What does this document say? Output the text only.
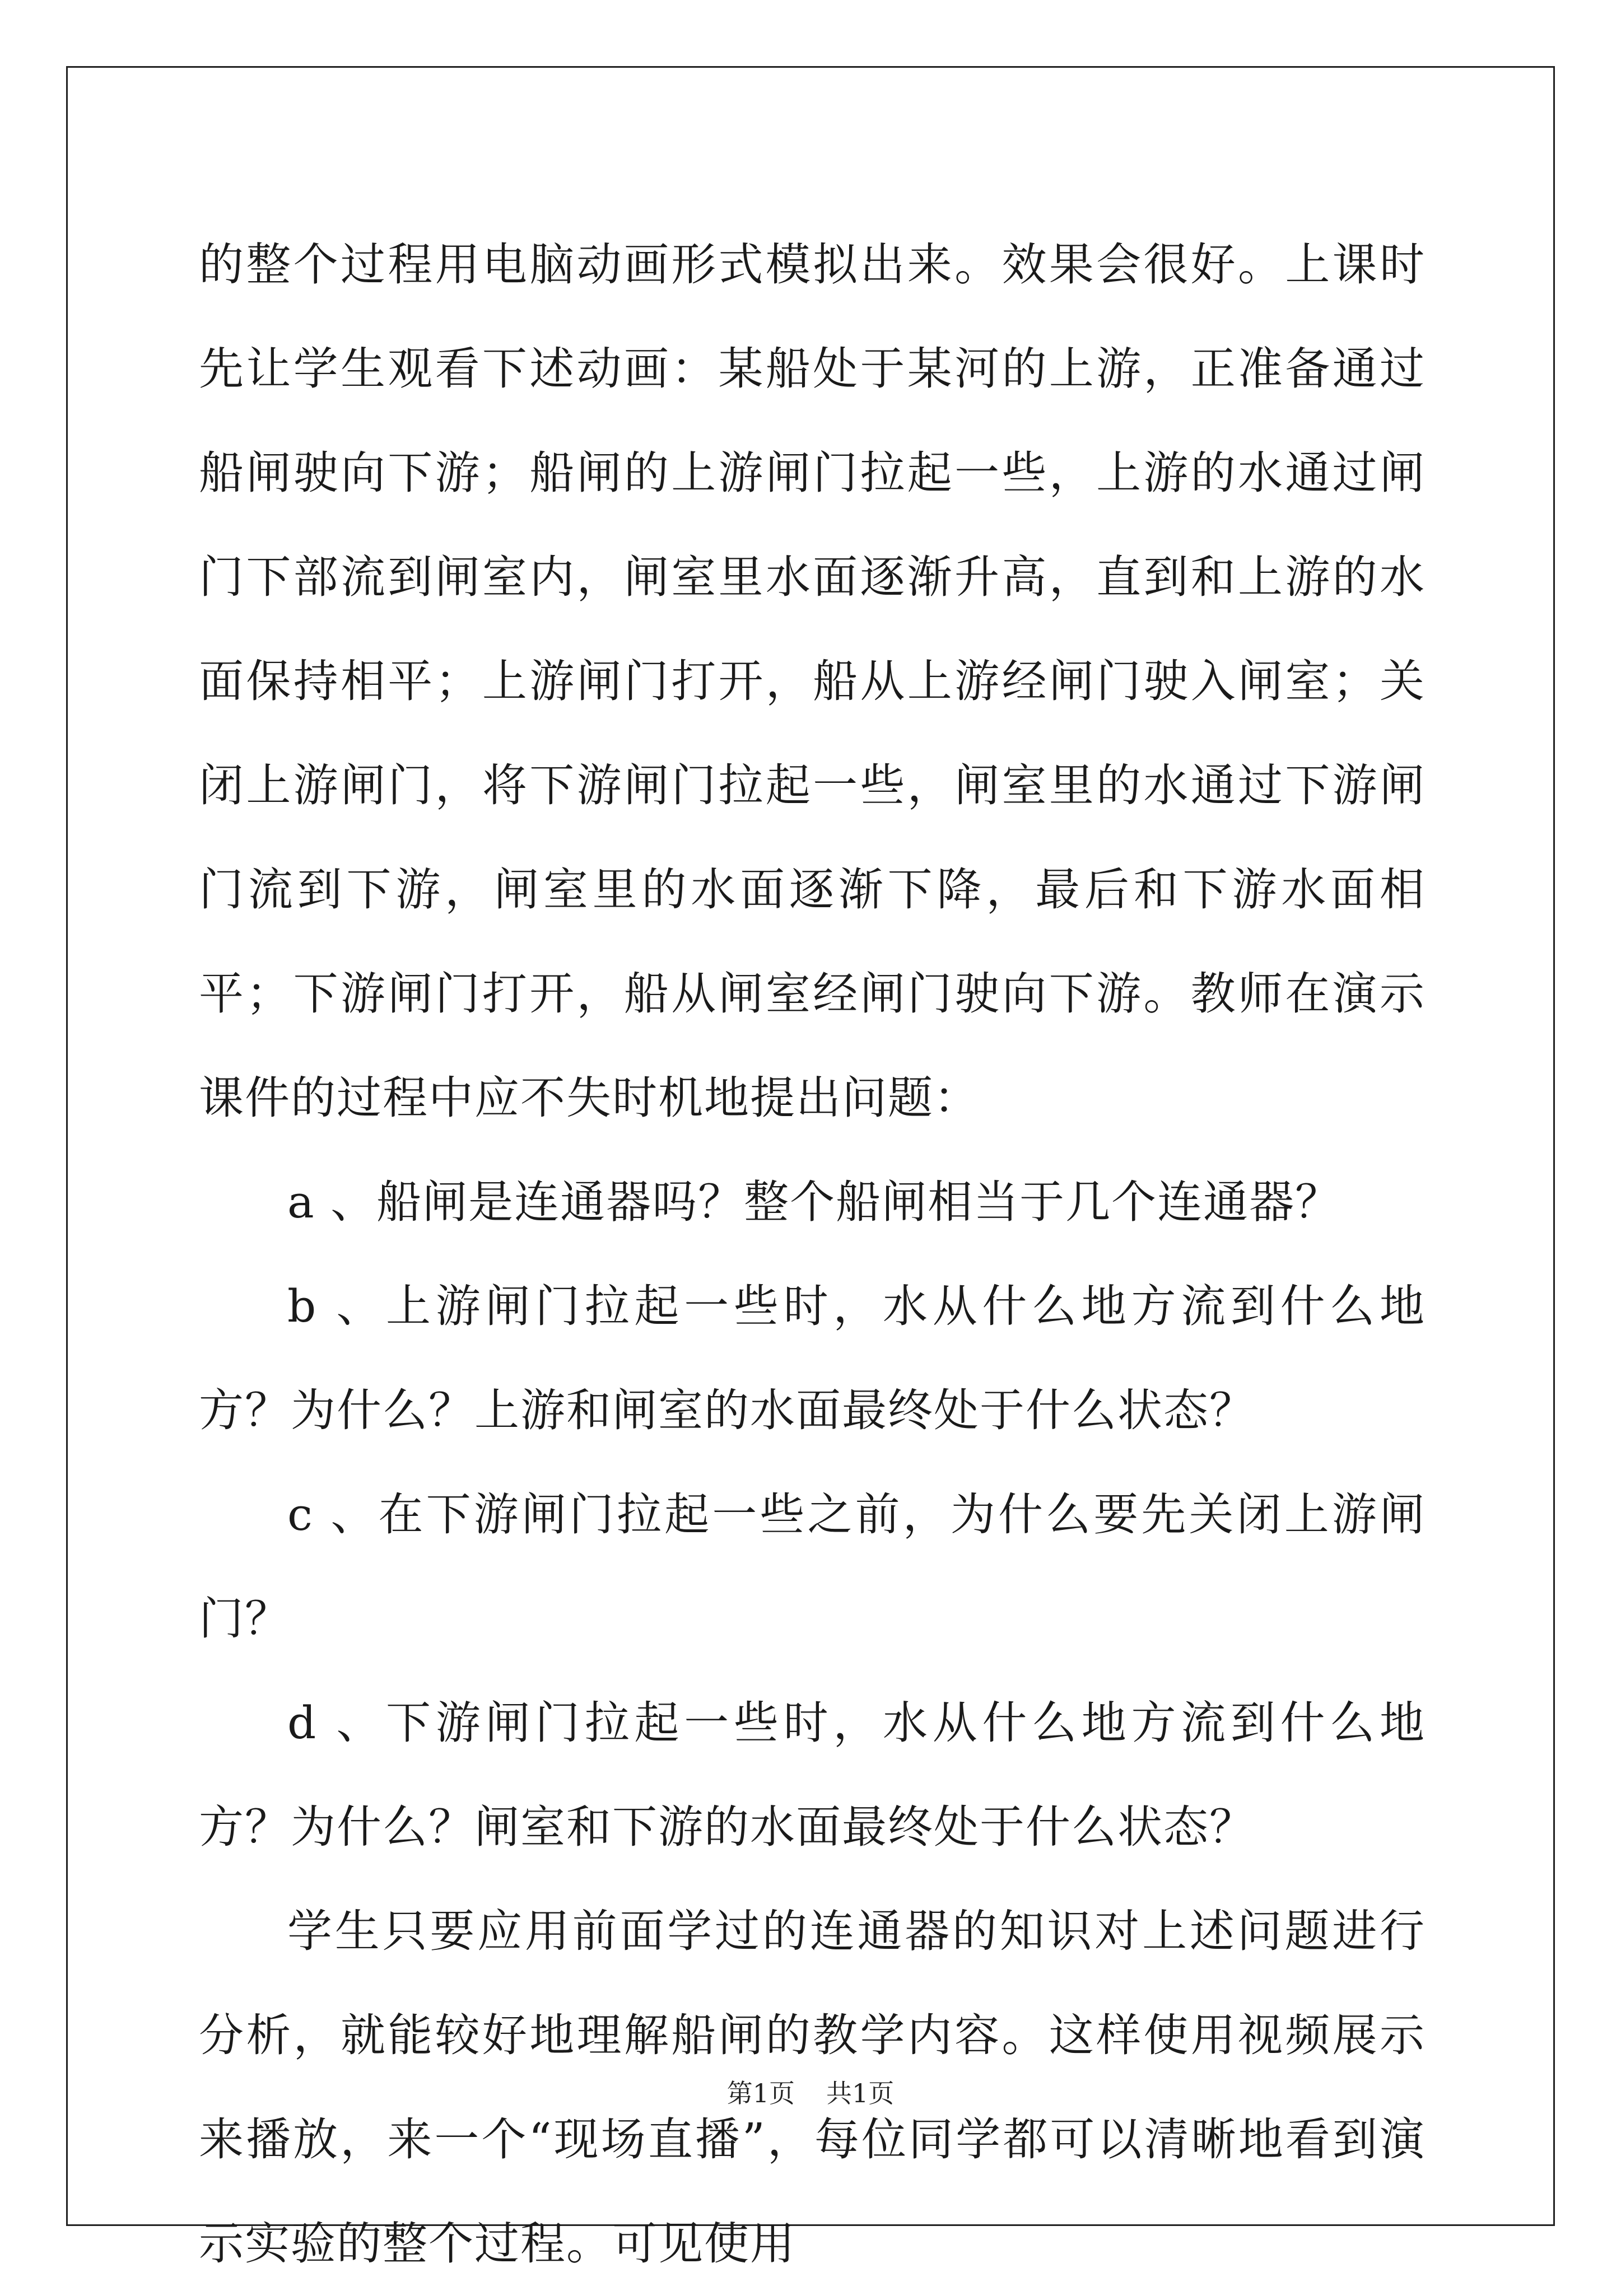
的整个过程用电脑动画形式模拟出来。效果会很好。上课时先让学生观看下述动画：某船处于某河的上游，正准备通过船闸驶向下游；船闸的上游闸门拉起一些，上游的水通过闸门下部流到闸室内，闸室里水面逐渐升高，直到和上游的水面保持相平；上游闸门打开，船从上游经闸门驶入闸室；关闭上游闸门，将下游闸门拉起一些，闸室里的水通过下游闸门流到下游，闸室里的水面逐渐下降，最后和下游水面相平；下游闸门打开，船从闸室经闸门驶向下游。教师在演示课件的过程中应不失时机地提出问题：

a 、船闸是连通器吗？整个船闸相当于几个连通器？

b 、上游闸门拉起一些时，水从什么地方流到什么地方？为什么？上游和闸室的水面最终处于什么状态？

c 、在下游闸门拉起一些之前，为什么要先关闭上游闸门？

d 、下游闸门拉起一些时，水从什么地方流到什么地方？为什么？闸室和下游的水面最终处于什么状态？

学生只要应用前面学过的连通器的知识对上述问题进行分析，就能较好地理解船闸的教学内容。这样使用视频展示来播放，来一个“现场直播”，每位同学都可以清晰地看到演示实验的整个过程。可见使用

第1页 共1页
